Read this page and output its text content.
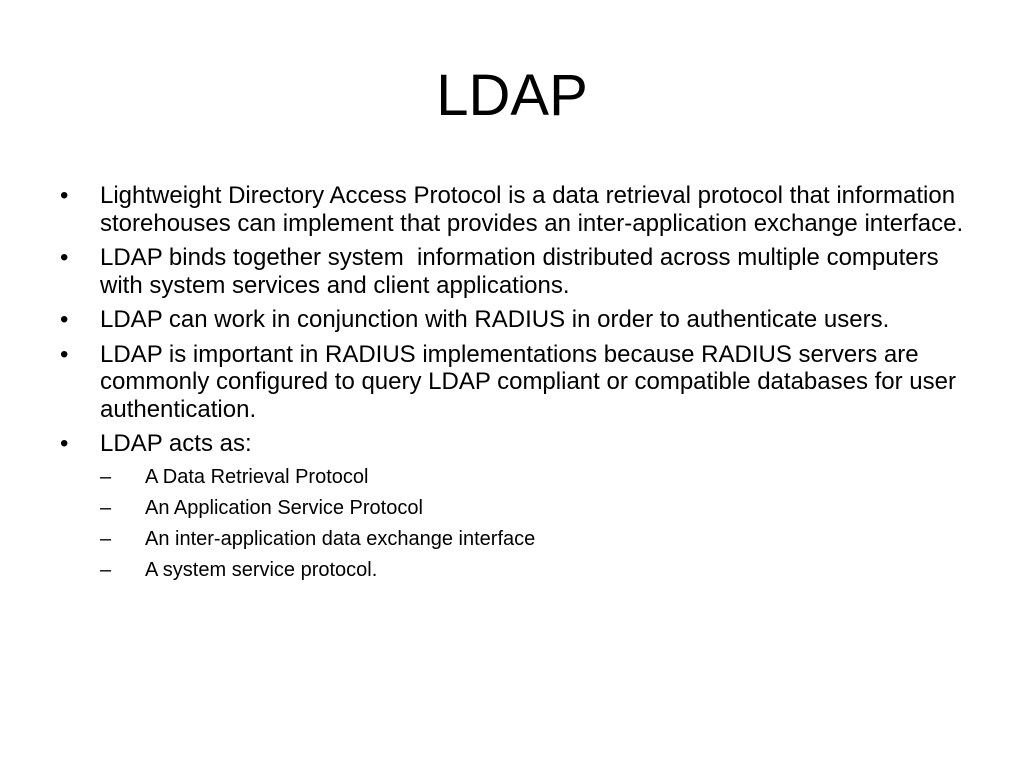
LDAP
•	Lightweight Directory Access Protocol is a data retrieval protocol that information storehouses can implement that provides an inter-application exchange interface.
•	LDAP binds together system  information distributed across multiple computers with system services and client applications.
•	LDAP can work in conjunction with RADIUS in order to authenticate users.
•	LDAP is important in RADIUS implementations because RADIUS servers are commonly configured to query LDAP compliant or compatible databases for user authentication.
•	LDAP acts as:
–	A Data Retrieval Protocol
–	An Application Service Protocol
–	An inter-application data exchange interface
–	A system service protocol.
